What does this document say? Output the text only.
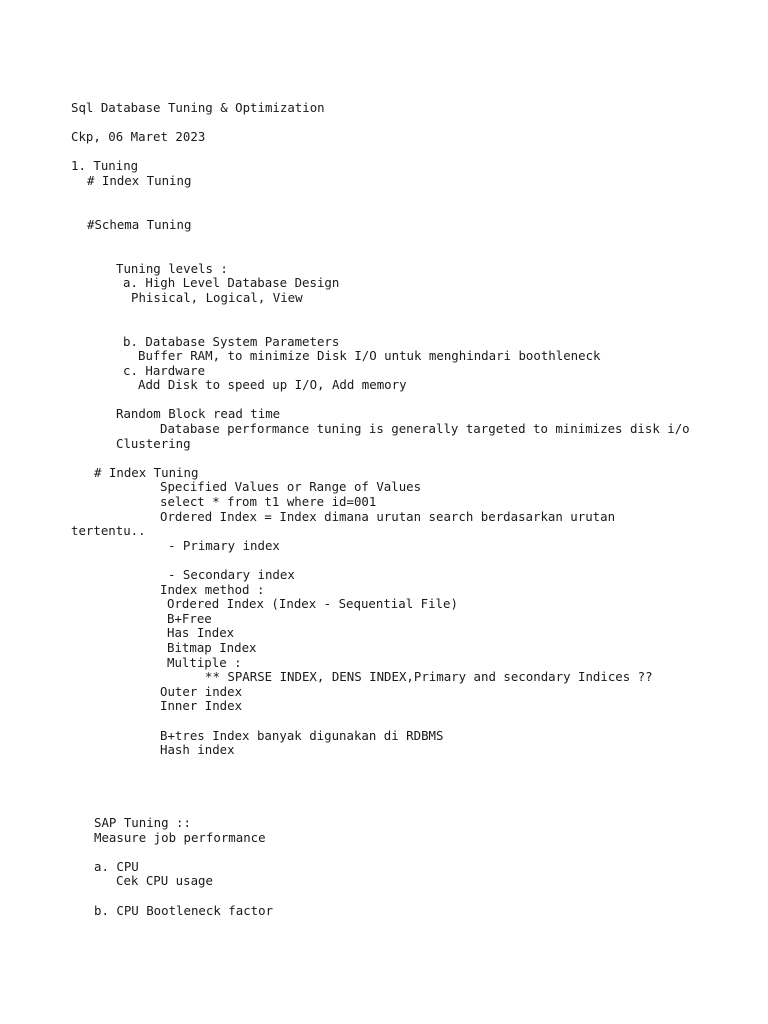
Sql Database Tuning & Optimization
Ckp, 06 Maret 2023
1. Tuning
# Index Tuning
#Schema Tuning
Tuning levels :
a. High Level Database Design
Phisical, Logical, View
b. Database System Parameters
Buffer RAM, to minimize Disk I/O untuk menghindari boothleneck
c. Hardware
Add Disk to speed up I/O, Add memory
Random Block read time
Database performance tuning is generally targeted to minimizes disk i/o
Clustering
# Index Tuning
Specified Values or Range of Values
select * from t1 where id=001
Ordered Index = Index dimana urutan search berdasarkan urutan
tertentu..
- Primary index
- Secondary index
Index method :
Ordered Index (Index - Sequential File)
B+Free
Has Index
Bitmap Index
Multiple :
** SPARSE INDEX, DENS INDEX,Primary and secondary Indices ??
Outer index
Inner Index
B+tres Index banyak digunakan di RDBMS
Hash index
SAP Tuning ::
Measure job performance
a. CPU
Cek CPU usage
b. CPU Bootleneck factor
